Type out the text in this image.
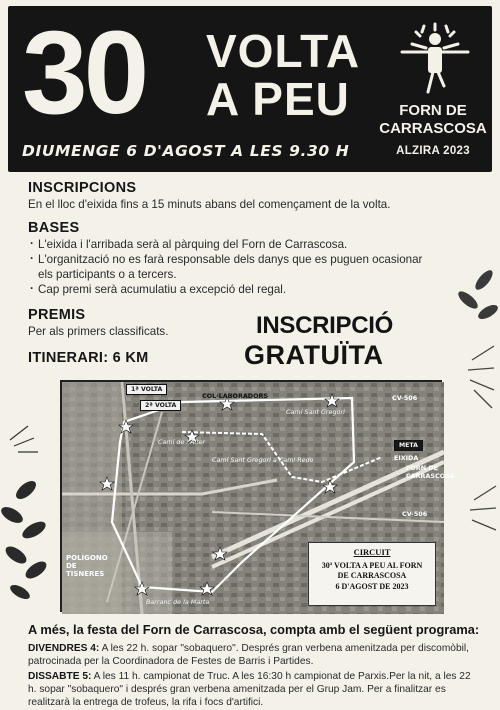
30 VOLTA
A PEU
DIUMENGE 6 D'AGOST A LES 9.30 H
FORN DE
CARRASCOSA
ALZIRA 2023
INSCRIPCIONS
En el lloc d'eixida fins a 15 minuts abans del començament de la volta.
BASES
· L'eixida i l'arribada serà al pàrquing del Forn de Carrascosa.
· L'organització no es farà responsable dels danys que es puguen ocasionar els participants o a tercers.
· Cap premi serà acumulatiu a excepció del regal.
PREMIS
Per als primers classificats.	INSCRIPCIÓ
GRATUÏTA
ITINERARI: 6 KM
1ª VOLTA
2ª VOLTA
COL·LABORADORS
Camí Sant Gregori
Camí de l'Alter
Camí Sant Gregori a Cami Redo
Barranc de la Marta
CV-506
CV-506
META
EIXIDA
FORN DE CARRASCOSA
POLÍGONO DE TISNERES
CIRCUIT
30ª VOLTA A PEU AL FORN
DE CARRASCOSA
6 D'AGOST DE 2023
A més, la festa del Forn de Carrascosa, compta amb el següent programa:
DIVENDRES 4: A les 22 h. sopar "sobaquero". Després gran verbena amenitzada per discomòbil, patrocinada per la Coordinadora de Festes de Barris i Partides.
DISSABTE 5: A les 11 h. campionat de Truc. A les 16:30 h campionat de Parxis.Per la nit, a les 22 h. sopar "sobaquero" i després gran verbena amenitzada per el Grup Jam. Per a finalitzar es realitzarà la entrega de trofeus, la rifa i focs d'artifici.
